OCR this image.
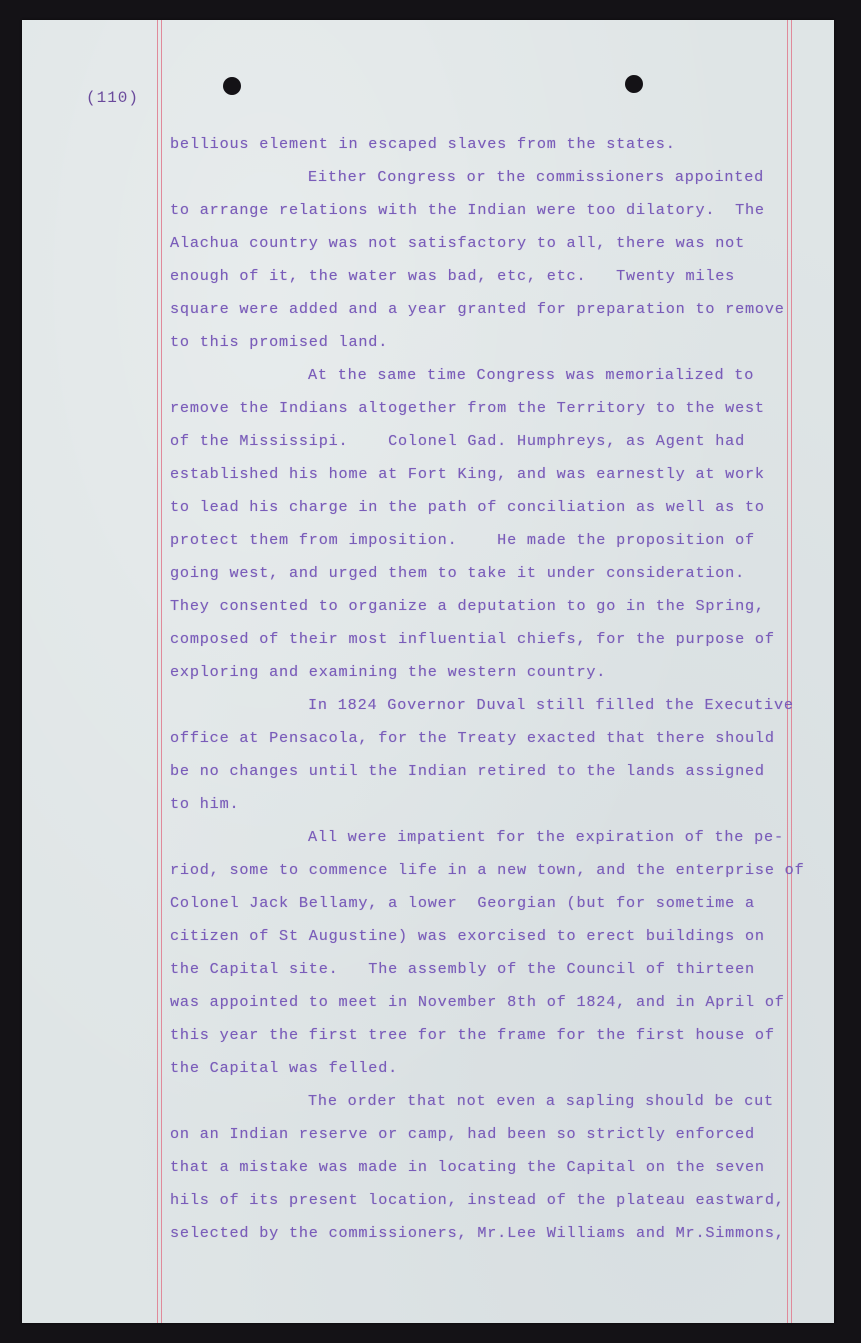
(110)
bellious element in escaped slaves from the states.
Either Congress or the commissioners appointed
to arrange relations with the Indian were too dilatory.  The
Alachua country was not satisfactory to all, there was not
enough of it, the water was bad, etc, etc.   Twenty miles
square were added and a year granted for preparation to remove
to this promised land.
At the same time Congress was memorialized to
remove the Indians altogether from the Territory to the west
of the Mississipi.    Colonel Gad. Humphreys, as Agent had
established his home at Fort King, and was earnestly at work
to lead his charge in the path of conciliation as well as to
protect them from imposition.    He made the proposition of
going west, and urged them to take it under consideration.
They consented to organize a deputation to go in the Spring,
composed of their most influential chiefs, for the purpose of
exploring and examining the western country.
In 1824 Governor Duval still filled the Executive
office at Pensacola, for the Treaty exacted that there should
be no changes until the Indian retired to the lands assigned
to him.
All were impatient for the expiration of the pe-
riod, some to commence life in a new town, and the enterprise of
Colonel Jack Bellamy, a lower  Georgian (but for sometime a
citizen of St Augustine) was exorcised to erect buildings on
the Capital site.   The assembly of the Council of thirteen
was appointed to meet in November 8th of 1824, and in April of
this year the first tree for the frame for the first house of
the Capital was felled.
The order that not even a sapling should be cut
on an Indian reserve or camp, had been so strictly enforced
that a mistake was made in locating the Capital on the seven
hils of its present location, instead of the plateau eastward,
selected by the commissioners, Mr.Lee Williams and Mr.Simmons,
